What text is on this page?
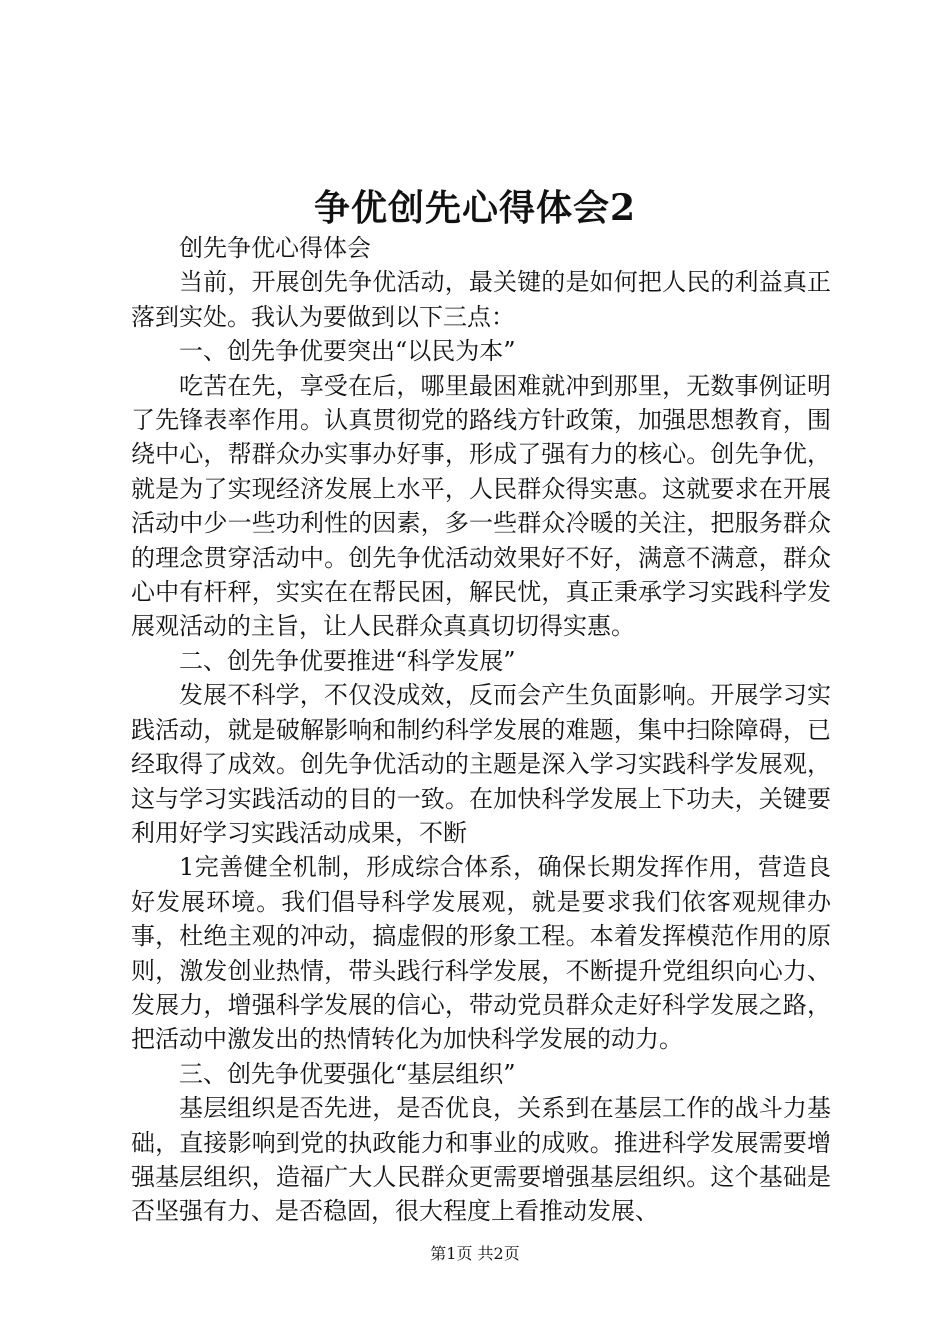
争优创先心得体会2

创先争优心得体会

当前，开展创先争优活动，最关键的是如何把人民的利益真正落到实处。我认为要做到以下三点：

一、创先争优要突出“以民为本”

吃苦在先，享受在后，哪里最困难就冲到那里，无数事例证明了先锋表率作用。认真贯彻党的路线方针政策，加强思想教育，围绕中心，帮群众办实事办好事，形成了强有力的核心。创先争优，就是为了实现经济发展上水平，人民群众得实惠。这就要求在开展活动中少一些功利性的因素，多一些群众冷暖的关注，把服务群众的理念贯穿活动中。创先争优活动效果好不好，满意不满意，群众心中有杆秤，实实在在帮民困，解民忧，真正秉承学习实践科学发展观活动的主旨，让人民群众真真切切得实惠。

二、创先争优要推进“科学发展”

发展不科学，不仅没成效，反而会产生负面影响。开展学习实践活动，就是破解影响和制约科学发展的难题，集中扫除障碍，已经取得了成效。创先争优活动的主题是深入学习实践科学发展观，这与学习实践活动的目的一致。在加快科学发展上下功夫，关键要利用好学习实践活动成果，不断

1完善健全机制，形成综合体系，确保长期发挥作用，营造良好发展环境。我们倡导科学发展观，就是要求我们依客观规律办事，杜绝主观的冲动，搞虚假的形象工程。本着发挥模范作用的原则，激发创业热情，带头践行科学发展，不断提升党组织向心力、发展力，增强科学发展的信心，带动党员群众走好科学发展之路，把活动中激发出的热情转化为加快科学发展的动力。

三、创先争优要强化“基层组织”

基层组织是否先进，是否优良，关系到在基层工作的战斗力基础，直接影响到党的执政能力和事业的成败。推进科学发展需要增强基层组织，造福广大人民群众更需要增强基层组织。这个基础是否坚强有力、是否稳固，很大程度上看推动发展、

第1页 共2页
